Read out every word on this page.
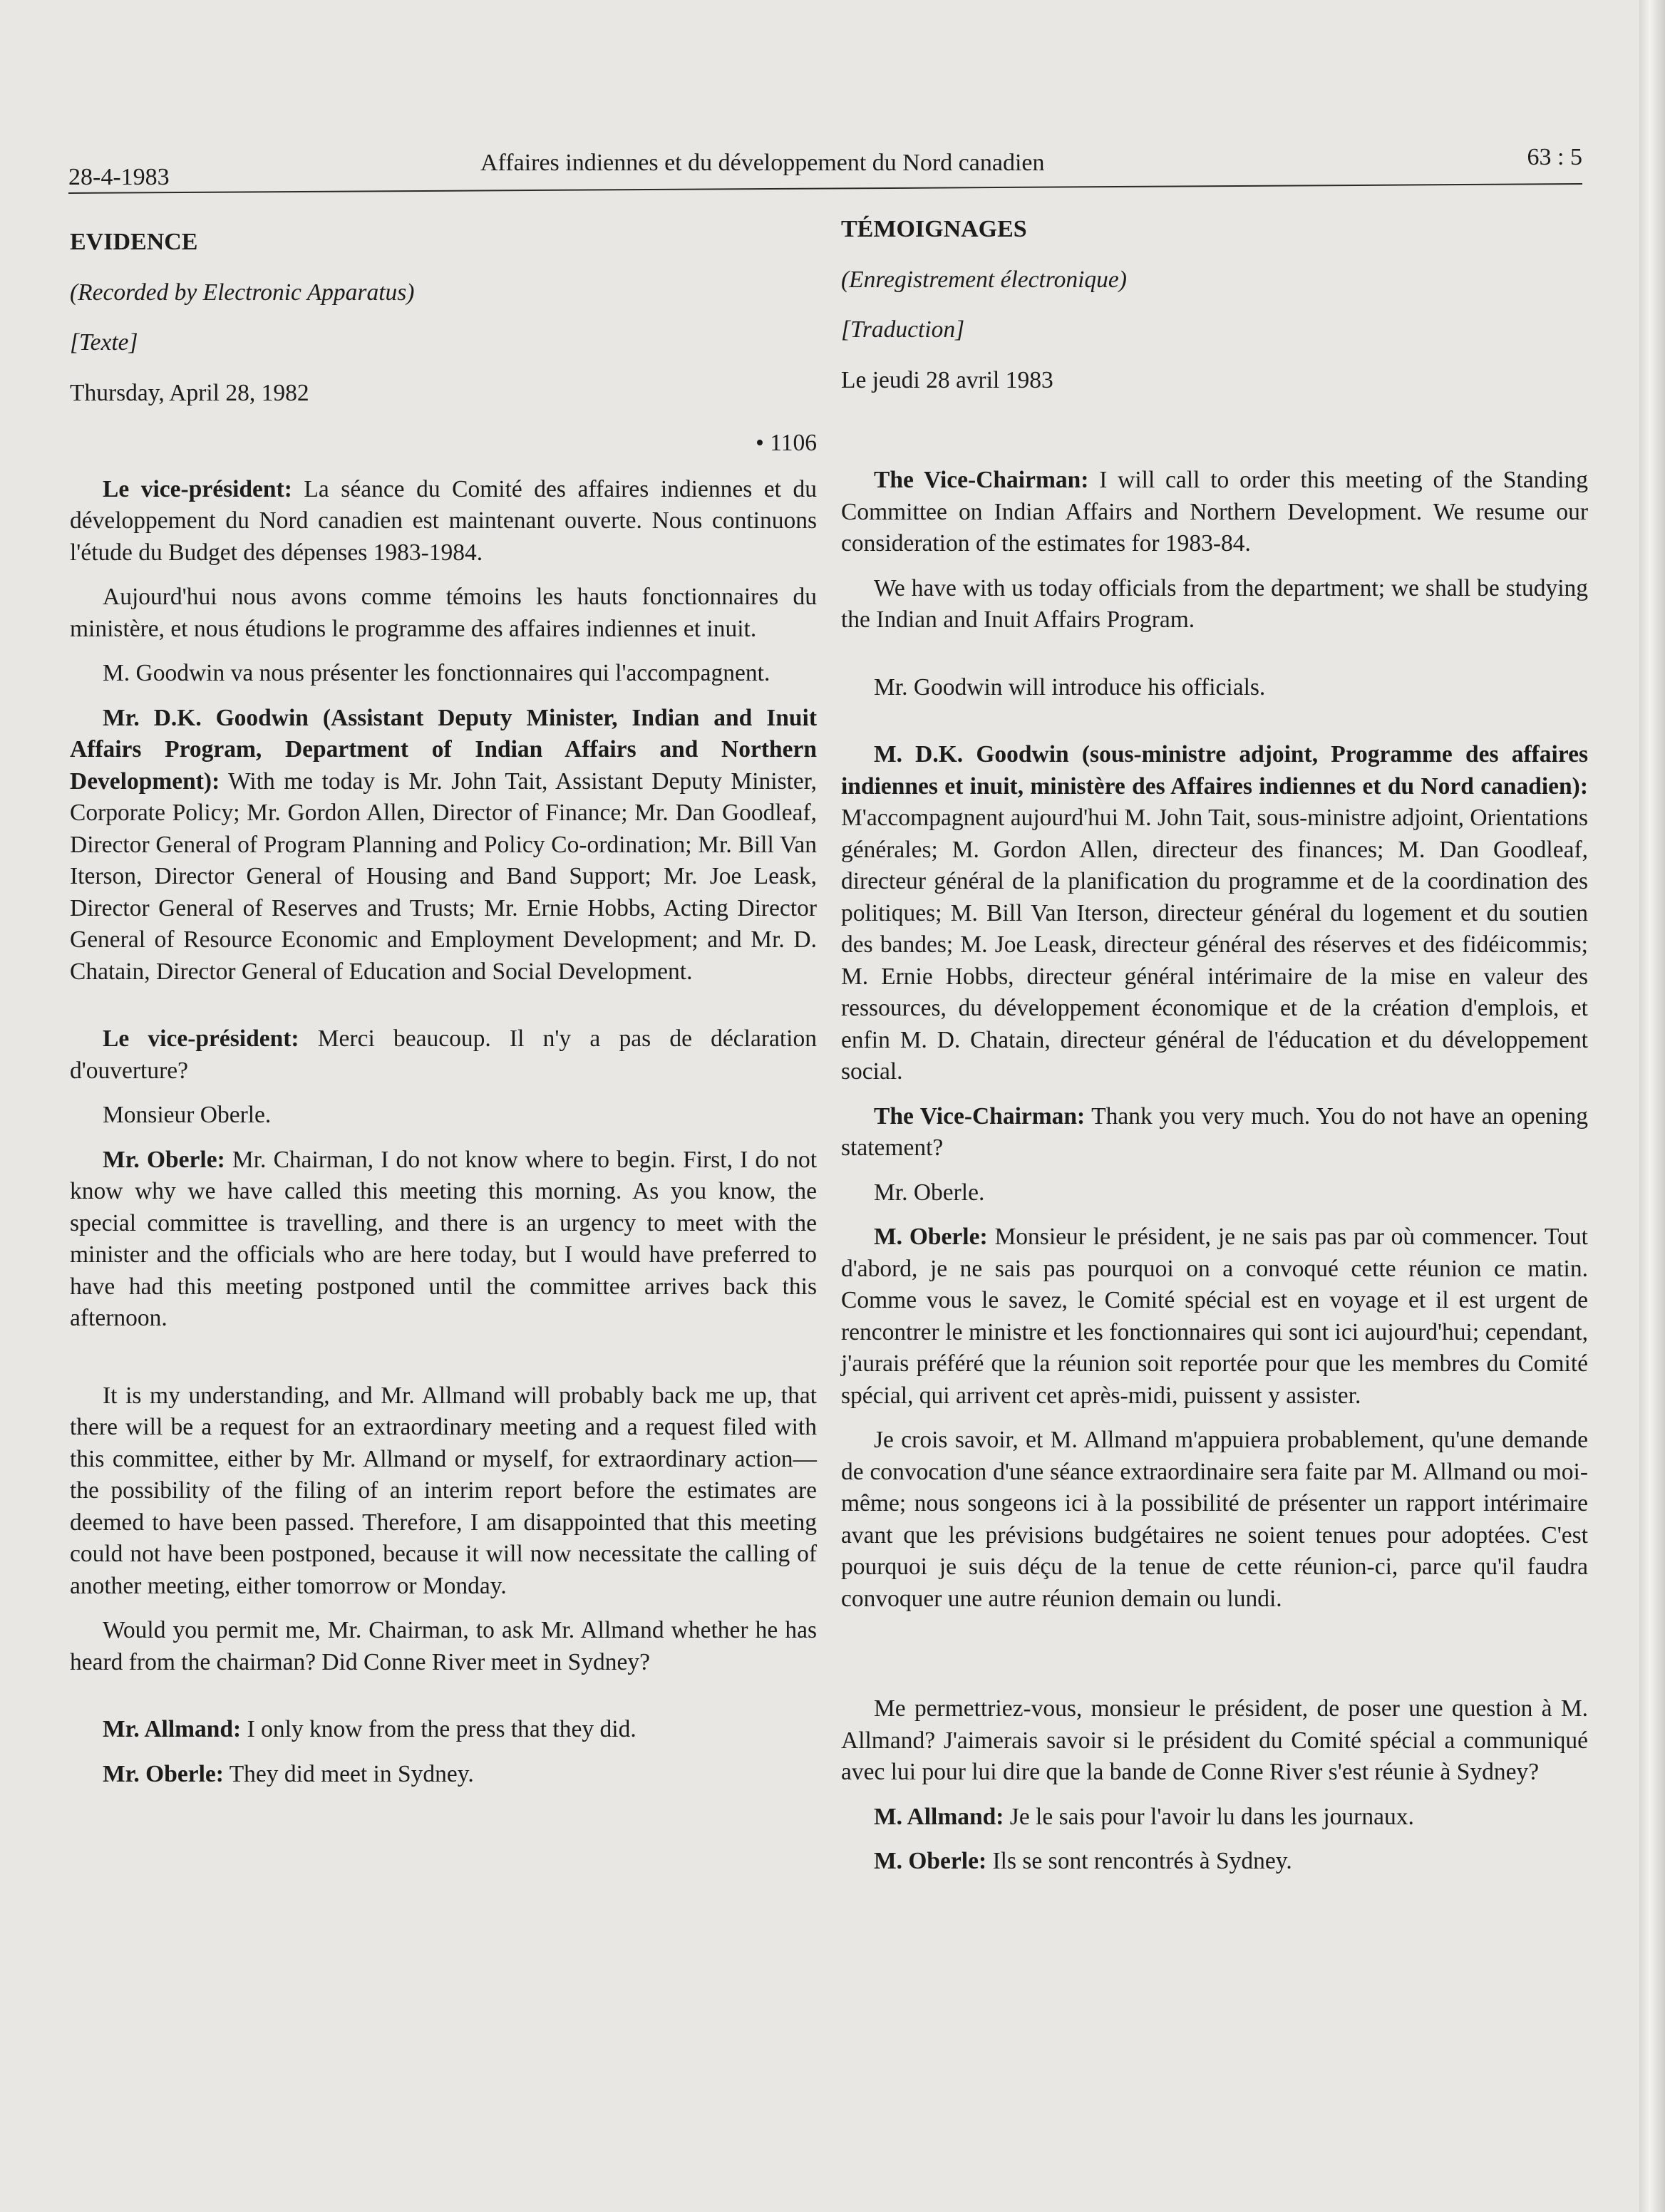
28-4-1983
Affaires indiennes et du développement du Nord canadien	63 : 5
EVIDENCE
(Recorded by Electronic Apparatus)
[Texte]
Thursday, April 28, 1982
• 1106

Le vice-président: La séance du Comité des affaires indiennes et du développement du Nord canadien est maintenant ouverte. Nous continuons l'étude du Budget des dépenses 1983-1984.

Aujourd'hui nous avons comme témoins les hauts fonctionnaires du ministère, et nous étudions le programme des affaires indiennes et inuit.

M. Goodwin va nous présenter les fonctionnaires qui l'accompagnent.

Mr. D.K. Goodwin (Assistant Deputy Minister, Indian and Inuit Affairs Program, Department of Indian Affairs and Northern Development): With me today is Mr. John Tait, Assistant Deputy Minister, Corporate Policy; Mr. Gordon Allen, Director of Finance; Mr. Dan Goodleaf, Director General of Program Planning and Policy Co-ordination; Mr. Bill Van Iterson, Director General of Housing and Band Support; Mr. Joe Leask, Director General of Reserves and Trusts; Mr. Ernie Hobbs, Acting Director General of Resource Economic and Employment Development; and Mr. D. Chatain, Director General of Education and Social Development.

Le vice-président: Merci beaucoup. Il n'y a pas de déclaration d'ouverture?

Monsieur Oberle.

Mr. Oberle: Mr. Chairman, I do not know where to begin. First, I do not know why we have called this meeting this morning. As you know, the special committee is travelling, and there is an urgency to meet with the minister and the officials who are here today, but I would have preferred to have had this meeting postponed until the committee arrives back this afternoon.

It is my understanding, and Mr. Allmand will probably back me up, that there will be a request for an extraordinary meeting and a request filed with this committee, either by Mr. Allmand or myself, for extraordinary action—the possibility of the filing of an interim report before the estimates are deemed to have been passed. Therefore, I am disappointed that this meeting could not have been postponed, because it will now necessitate the calling of another meeting, either tomorrow or Monday.

Would you permit me, Mr. Chairman, to ask Mr. Allmand whether he has heard from the chairman? Did Conne River meet in Sydney?

Mr. Allmand: I only know from the press that they did.

Mr. Oberle: They did meet in Sydney.

TÉMOIGNAGES
(Enregistrement électronique)
[Traduction]
Le jeudi 28 avril 1983

The Vice-Chairman: I will call to order this meeting of the Standing Committee on Indian Affairs and Northern Development. We resume our consideration of the estimates for 1983-84.

We have with us today officials from the department; we shall be studying the Indian and Inuit Affairs Program.

Mr. Goodwin will introduce his officials.

M. D.K. Goodwin (sous-ministre adjoint, Programme des affaires indiennes et inuit, ministère des Affaires indiennes et du Nord canadien): M'accompagnent aujourd'hui M. John Tait, sous-ministre adjoint, Orientations générales; M. Gordon Allen, directeur des finances; M. Dan Goodleaf, directeur général de la planification du programme et de la coordination des politiques; M. Bill Van Iterson, directeur général du logement et du soutien des bandes; M. Joe Leask, directeur général des réserves et des fidéicommis; M. Ernie Hobbs, directeur général intérimaire de la mise en valeur des ressources, du développement économique et de la création d'emplois, et enfin M. D. Chatain, directeur général de l'éducation et du développement social.

The Vice-Chairman: Thank you very much. You do not have an opening statement?

Mr. Oberle.

M. Oberle: Monsieur le président, je ne sais pas par où commencer. Tout d'abord, je ne sais pas pourquoi on a convoqué cette réunion ce matin. Comme vous le savez, le Comité spécial est en voyage et il est urgent de rencontrer le ministre et les fonctionnaires qui sont ici aujourd'hui; cependant, j'aurais préféré que la réunion soit reportée pour que les membres du Comité spécial, qui arrivent cet après-midi, puissent y assister.

Je crois savoir, et M. Allmand m'appuiera probablement, qu'une demande de convocation d'une séance extraordinaire sera faite par M. Allmand ou moi-même; nous songeons ici à la possibilité de présenter un rapport intérimaire avant que les prévisions budgétaires ne soient tenues pour adoptées. C'est pourquoi je suis déçu de la tenue de cette réunion-ci, parce qu'il faudra convoquer une autre réunion demain ou lundi.

Me permettriez-vous, monsieur le président, de poser une question à M. Allmand? J'aimerais savoir si le président du Comité spécial a communiqué avec lui pour lui dire que la bande de Conne River s'est réunie à Sydney?

M. Allmand: Je le sais pour l'avoir lu dans les journaux.

M. Oberle: Ils se sont rencontrés à Sydney.
